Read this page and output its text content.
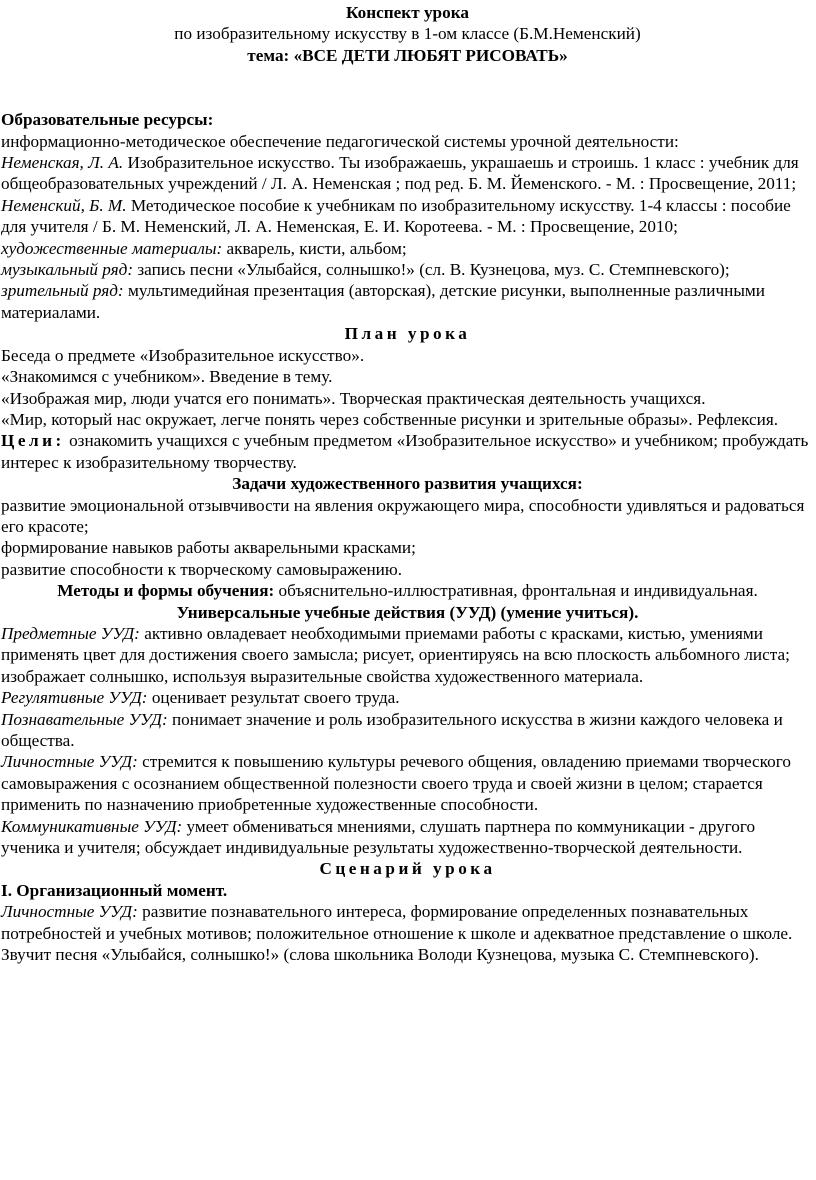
Конспект урока

по изобразительному искусству в 1-ом классе (Б.М.Неменский)

тема: «ВСЕ ДЕТИ ЛЮБЯТ РИСОВАТЬ»

Образовательные ресурсы:

информационно-методическое обеспечение педагогической системы урочной деятельности:

Неменская, Л. А. Изобразительное искусство. Ты изображаешь, украшаешь и строишь. 1 класс : учебник для общеобразовательных учреждений / Л. А. Неменская ; под ред. Б. М. Йеменского. - М. : Просвещение, 2011;

Неменский, Б. М. Методическое пособие к учебникам по изобразительному искусству. 1-4 классы : пособие для учителя / Б. М. Неменский, Л. А. Неменская, Е. И. Коротеева. - М. : Просвещение, 2010;

художественные материалы: акварель, кисти, альбом;

музыкальный ряд: запись песни «Улыбайся, солнышко!» (сл. В. Кузнецова, муз. С. Стемпневского);

зрительный ряд: мультимедийная презентация (авторская), детские рисунки, выполненные различными материалами.

План урока

Беседа о предмете «Изобразительное искусство».

«Знакомимся с учебником». Введение в тему.

«Изображая мир, люди учатся его понимать». Творческая практическая деятельность учащихся.

«Мир, который нас окружает, легче понять через собственные рисунки и зрительные образы». Рефлексия.

Цели: ознакомить учащихся с учебным предметом «Изобразительное искусство» и учебником; пробуждать интерес к изобразительному творчеству.

Задачи художественного развития учащихся:

развитие эмоциональной отзывчивости на явления окружающего мира, способности удивляться и радоваться его красоте;

формирование навыков работы акварельными красками;

развитие способности к творческому самовыражению.

Методы и формы обучения: объяснительно-иллюстративная, фронтальная и индивидуальная.

Универсальные учебные действия (УУД) (умение учиться).

Предметные УУД: активно овладевает необходимыми приемами работы с красками, кистью, умениями применять цвет для достижения своего замысла; рисует, ориентируясь на всю плоскость альбомного листа; изображает солнышко, используя выразительные свойства художественного материала.

Регулятивные УУД: оценивает результат своего труда.

Познавательные УУД: понимает значение и роль изобразительного искусства в жизни каждого человека и общества.

Личностные УУД: стремится к повышению культуры речевого общения, овладению приемами творческого самовыражения с осознанием общественной полезности своего труда и своей жизни в целом; старается применить по назначению приобретенные художественные способности.

Коммуникативные УУД: умеет обмениваться мнениями, слушать партнера по коммуникации - другого ученика и учителя; обсуждает индивидуальные результаты художественно-творческой деятельности.

Сценарий урока

I. Организационный момент.

Личностные УУД: развитие познавательного интереса, формирование определенных познавательных потребностей и учебных мотивов; положительное отношение к школе и адекватное представление о школе.

Звучит песня «Улыбайся, солнышко!» (слова школьника Володи Кузнецова, музыка С. Стемпневского).
